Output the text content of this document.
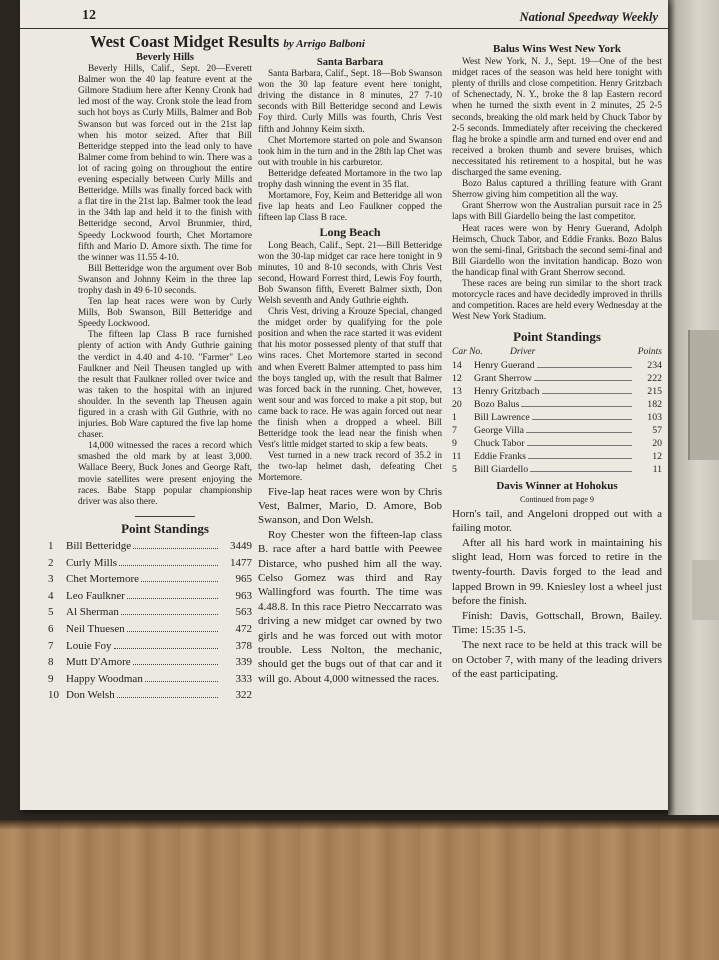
12	National Speedway Weekly
West Coast Midget Results by Arrigo Balboni
Beverly Hills

Beverly Hills, Calif., Sept. 20—Everett Balmer won the 40 lap feature event at the Gilmore Stadium here after Kenny Cronk had led most of the way. Cronk stole the lead from such hot boys as Curly Mills, Balmer and Bob Swanson but was forced out in the 21st lap when his motor seized. After that Bill Betteridge stepped into the lead only to have Balmer come from behind to win. There was a lot of racing going on throughout the entire evening especially between Curly Mills and Betteridge. Mills was finally forced back with a flat tire in the 21st lap. Balmer took the lead in the 34th lap and held it to the finish with Betteridge second, Arvol Brunmier, third, Speedy Lockwood fourth, Chet Mortamore fifth and Mario D. Amore sixth. The time for the winner was 11.55 4-10.

Bill Betteridge won the argument over Bob Swanson and Johnny Keim in the three lap trophy dash in 49 6-10 seconds.

Ten lap heat races were won by Curly Mills, Bob Swanson, Bill Betteridge and Speedy Lockwood.

The fifteen lap Class B race furnished plenty of action with Andy Guthrie gaining the verdict in 4.40 and 4-10. "Farmer" Leo Faulkner and Neil Theusen tangled up with the result that Faulkner rolled over twice and was taken to the hospital with an injured shoulder. In the seventh lap Theusen again figured in a crash with Gil Guthrie, with no injuries. Bob Ware captured the five lap home chaser.

14,000 witnessed the races a record which smashed the old mark by at least 3,000. Wallace Beery, Buck Jones and George Raft, movie satellites were present enjoying the races. Babe Stapp popular championship driver was also there.

Point Standings
1	Bill Betteridge	3449
2	Curly Mills	1477
3	Chet Mortemore	965
4	Leo Faulkner	963
5	Al Sherman	563
6	Neil Thuesen	472
7	Louie Foy	378
8	Mutt D'Amore	339
9	Happy Woodman	333
10 Don Welsh	322
Santa Barbara

Santa Barbara, Calif., Sept. 18—Bob Swanson won the 30 lap feature event here tonight, driving the distance in 8 minutes, 27 7-10 seconds with Bill Betteridge second and Lewis Foy third. Curly Mills was fourth, Chris Vest fifth and Johnny Keim sixth.

Chet Mortemore started on pole and Swanson took him in the turn and in the 28th lap Chet was out with trouble in his carburetor.

Betteridge defeated Mortamore in the two lap trophy dash winning the event in 35 flat.

Mortamore, Foy, Keim and Betteridge all won five lap heats and Leo Faulkner copped the fifteen lap Class B race.

Long Beach

Long Beach, Calif., Sept. 21—Bill Betteridge won the 30-lap midget car race here tonight in 9 minutes, 10 and 8-10 seconds, with Chris Vest second, Howard Forrest third, Lewis Foy fourth, Bob Swanson fifth, Everett Balmer sixth, Don Welsh seventh and Andy Guthrie eighth.

Chris Vest, driving a Krouze Special, changed the midget order by qualifying for the pole position and when the race started it was evident that his motor possessed plenty of that stuff that wins races. Chet Mortemore started in second and when Everett Balmer attempted to pass him the boys tangled up, with the result that Balmer was forced back in the running. Chet, however, went sour and was forced to make a pit stop, but came back to race. He was again forced out near the finish when a dropped a wheel. Bill Betteridge took the lead near the finish when Vest's little midget started to skip a few beats.

Vest turned in a new track record of 35.2 in the two-lap helmet dash, defeating Chet Mortemore.

Five-lap heat races were won by Chris Vest, Balmer, Mario, D. Amore, Bob Swanson, and Don Welsh.

Roy Chester won the fifteen-lap class B. race after a hard battle with Peewee Distarce, who pushed him all the way. Celso Gomez was third and Ray Wallingford was fourth. The time was 4.48.8. In this race Pietro Neccarrato was driving a new midget car owned by two girls and he was forced out with motor trouble. Less Nolton, the mechanic, should get the bugs out of that car and it will go. About 4,000 witnessed the races.

Balus Wins West New York

West New York, N. J., Sept. 19—One of the best midget races of the season was held here tonight with plenty of thrills and close competition. Henry Gritzbach of Schenectady, N. Y., broke the 8 lap Eastern record when he turned the sixth event in 2 minutes, 25 2-5 seconds, breaking the old mark held by Chuck Tabor by 2-5 seconds. Immediately after receiving the checkered flag he broke a spindle arm and turned end over end and received a broken thumb and severe bruises, which neccessitated his retirement to a hospital, but he was discharged the same evening.

Bozo Balus captured a thrilling feature with Grant Sherrow giving him competition all the way.

Grant Sherrow won the Australian pursuit race in 25 laps with Bill Giardello being the last competitor.

Heat races were won by Henry Guerand, Adolph Heimsch, Chuck Tabor, and Eddie Franks. Bozo Balus won the semi-final, Gritsbach the second semi-final and Bill Giardello won the invitation handicap. Bozo won the handicap final with Grant Sherrow second.

These races are being run similar to the short track motorcycle races and have decidedly improved in thrills and competition. Races are held every Wednesday at the West New York Stadium.

Point Standings
Car No.	Driver	Points
14	Henry Guerand	234
12	Grant Sherrow	222
13	Henry Gritzbach	215
20	Bozo Balus	182
1	Bill Lawrence	103
7	George Villa	57
9	Chuck Tabor	20
11	Eddie Franks	12
5	Bill Giardello	11
Davis Winner at Hohokus
Continued from page 9

Horn's tail, and Angeloni dropped out with a failing motor.

After all his hard work in maintaining his slight lead, Horn was forced to retire in the twenty-fourth. Davis forged to the lead and lapped Brown in 99. Kniesley lost a wheel just before the finish.

Finish: Davis, Gottschall, Brown, Bailey. Time: 15:35 1-5.

The next race to be held at this track will be on October 7, with many of the leading drivers of the east participating.
